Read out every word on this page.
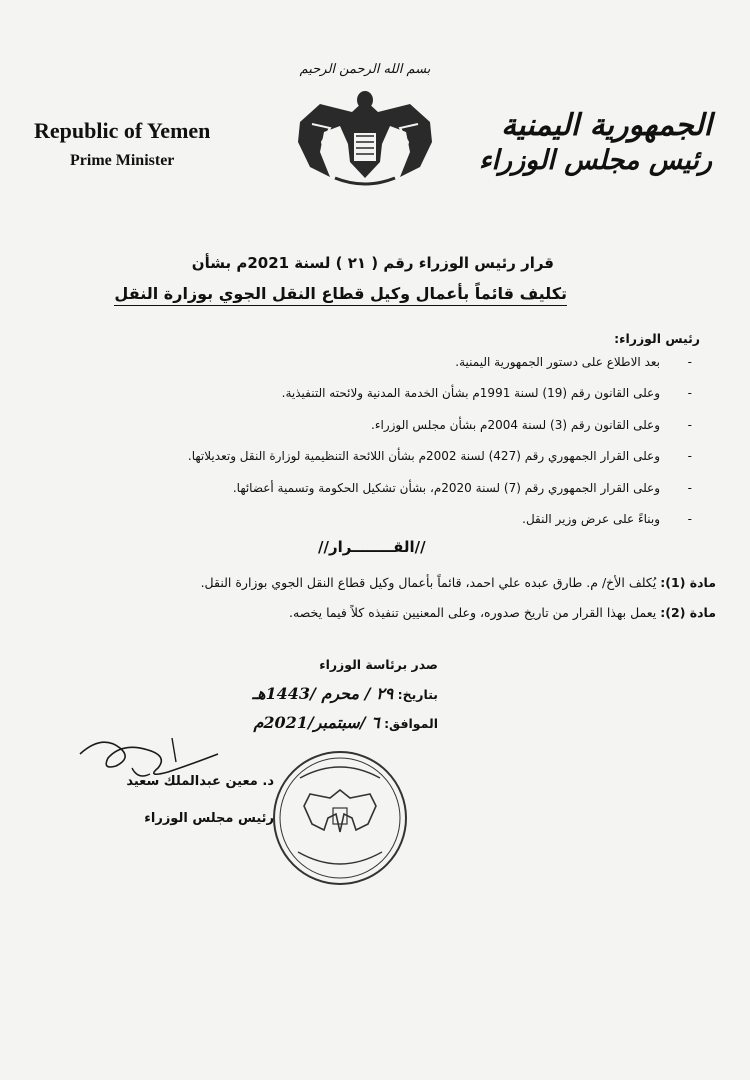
Republic of Yemen
Prime Minister
بسم الله الرحمن الرحيم
الجمهورية اليمنية
رئيس مجلس الوزراء
قرار رئيس الوزراء رقم ( ٢١ ) لسنة 2021م بشأن
تكليف قائماً بأعمال وكيل قطاع النقل الجوي بوزارة النقل
رئيس الوزراء:
-
بعد الاطلاع على دستور الجمهورية اليمنية.
-
وعلى القانون رقم (19) لسنة 1991م بشأن الخدمة المدنية ولائحته التنفيذية.
-
وعلى القانون رقم (3) لسنة 2004م بشأن مجلس الوزراء.
-
وعلى القرار الجمهوري رقم (427) لسنة 2002م بشأن اللائحة التنظيمية لوزارة النقل وتعديلاتها.
-
وعلى القرار الجمهوري رقم (7) لسنة 2020م، بشأن تشكيل الحكومة وتسمية أعضائها.
-
وبناءً على عرض وزير النقل.
//القــــــــرار//
مادة (1): يُكلف الأخ/ م. طارق عبده علي احمد، قائماً بأعمال وكيل قطاع النقل الجوي بوزارة النقل.
مادة (2): يعمل بهذا القرار من تاريخ صدوره، وعلى المعنيين تنفيذه كلاً فيما يخصه.
صدر برئاسة الوزراء
بتاريخ: ٢٩ / محرم /1443هـ
الموافق: ٦ /سبتمبر/2021م
د. معين عبدالملك سعيد
رئيس مجلس الوزراء
